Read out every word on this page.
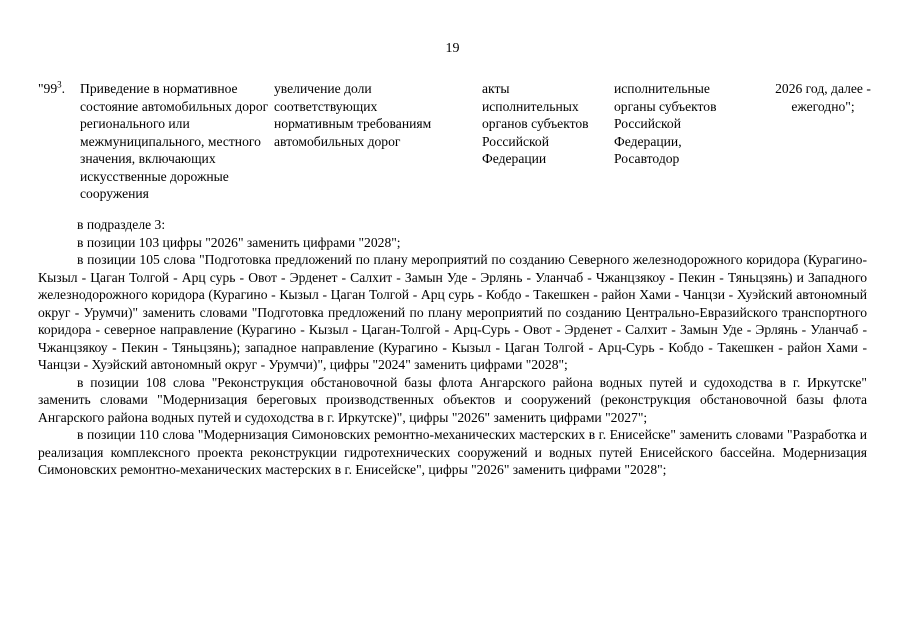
19
"$99^3$.	Приведение в нормативное состояние автомобильных дорог регионального или межмуниципального, местного значения, включающих искусственные дорожные сооружения
увеличение доли соответствующих нормативным требованиям автомобильных дорог
акты исполнительных органов субъектов Российской Федерации
исполнительные органы субъектов Российской Федерации, Росавтодор
2026 год, далее - ежегодно";

в подразделе 3:

в позиции 103 цифры "2026" заменить цифрами "2028";

в позиции 105 слова "Подготовка предложений по плану мероприятий по созданию Северного железнодорожного коридора (Курагино-Кызыл - Цаган Толгой - Арц сурь - Овот - Эрденет - Салхит - Замын Уде - Эрлянь - Уланчаб - Чжанцзякоу - Пекин - Тяньцзянь) и Западного железнодорожного коридора (Курагино - Кызыл - Цаган Толгой - Арц сурь - Кобдо - Такешкен - район Хами - Чанцзи - Хуэйский автономный округ - Урумчи)" заменить словами "Подготовка предложений по плану мероприятий по созданию Центрально-Евразийского транспортного коридора - северное направление (Курагино - Кызыл - Цаган-Толгой - Арц-Сурь - Овот - Эрденет - Салхит - Замын Уде - Эрлянь - Уланчаб - Чжанцзякоу - Пекин - Тяньцзянь); западное направление (Курагино - Кызыл - Цаган Толгой - Арц-Сурь - Кобдо - Такешкен - район Хами - Чанцзи - Хуэйский автономный округ - Урумчи)", цифры "2024" заменить цифрами "2028";

в позиции 108 слова "Реконструкция обстановочной базы флота Ангарского района водных путей и судоходства в г. Иркутске" заменить словами "Модернизация береговых производственных объектов и сооружений (реконструкция обстановочной базы флота Ангарского района водных путей и судоходства в г. Иркутске)", цифры "2026" заменить цифрами "2027";

в позиции 110 слова "Модернизация Симоновских ремонтно-механических мастерских в г. Енисейске" заменить словами "Разработка и реализация комплексного проекта реконструкции гидротехнических сооружений и водных путей Енисейского бассейна. Модернизация Симоновских ремонтно-механических мастерских в г. Енисейске", цифры "2026" заменить цифрами "2028";
